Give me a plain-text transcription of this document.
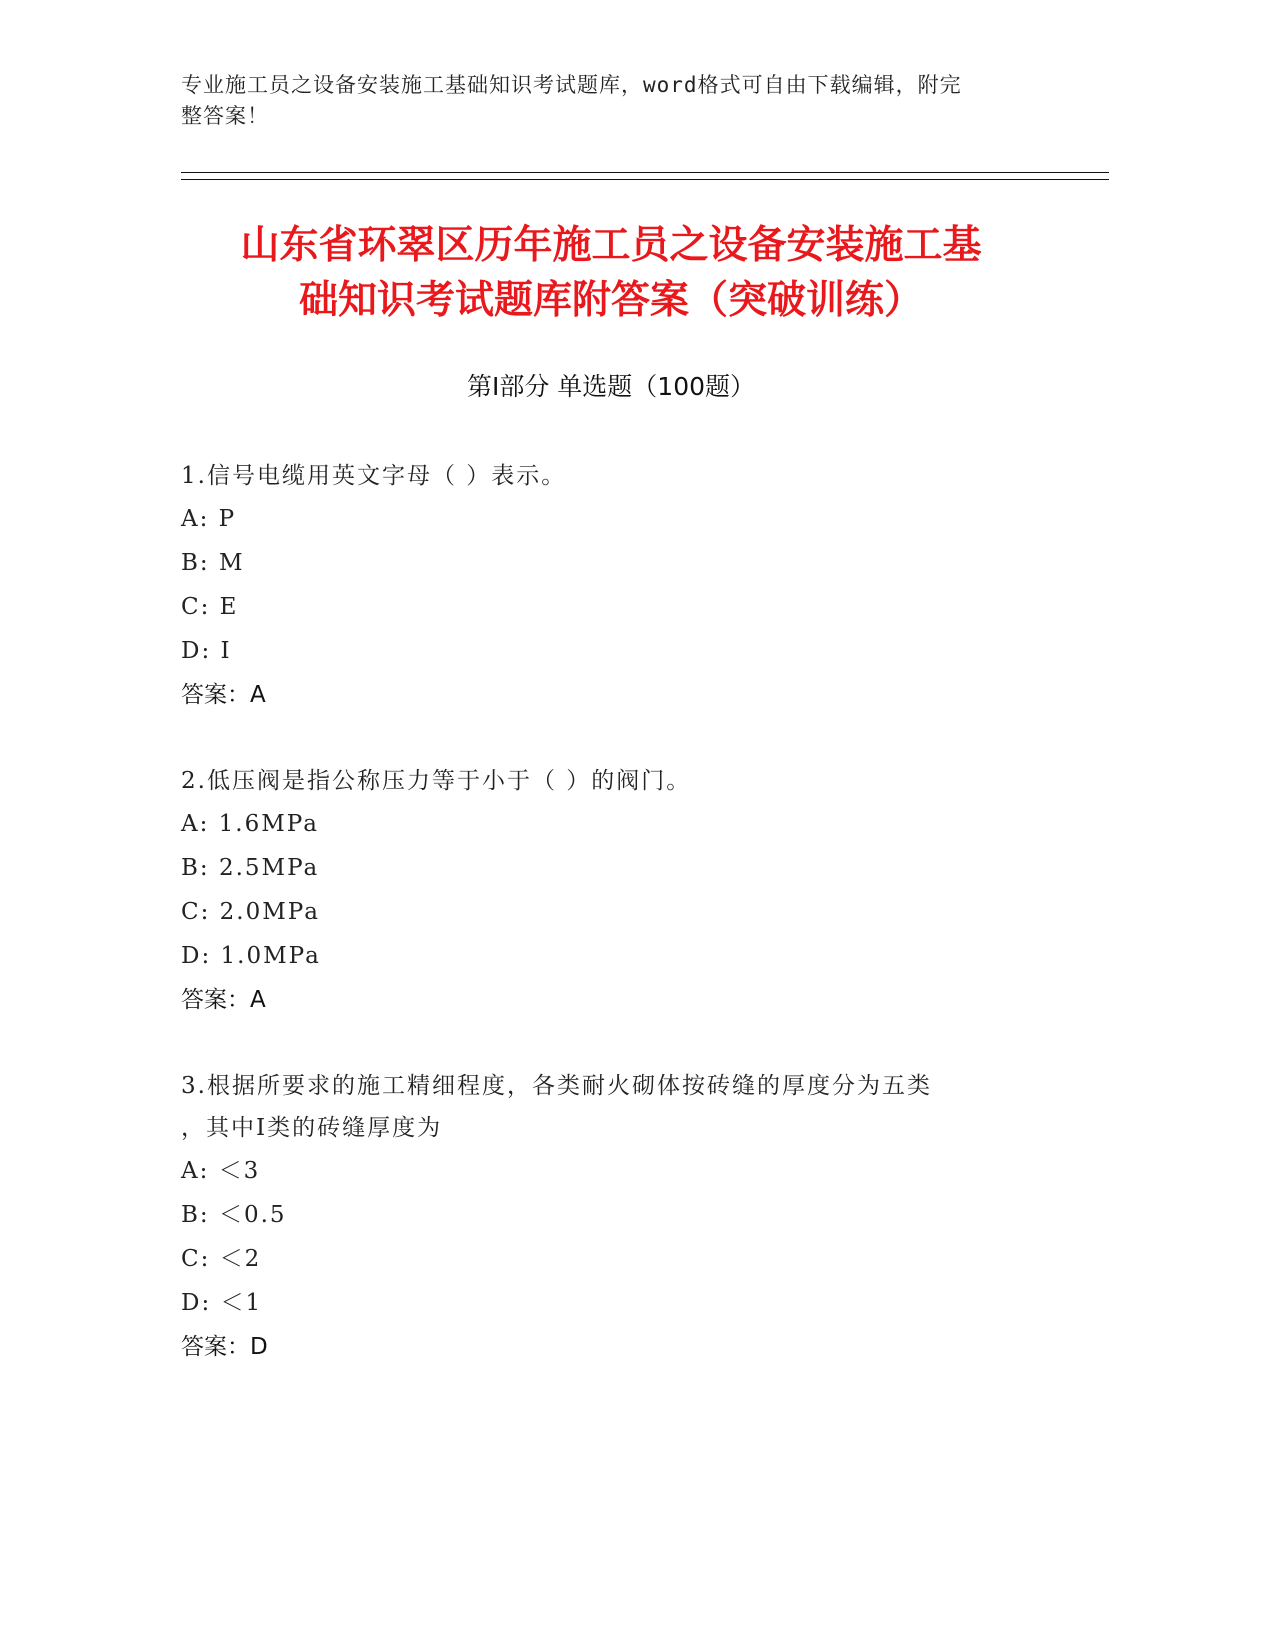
专业施工员之设备安装施工基础知识考试题库，word格式可自由下载编辑，附完
整答案！
山东省环翠区历年施工员之设备安装施工基
础知识考试题库附答案（突破训练）
第Ⅰ部分 单选题（100题）
1.信号电缆用英文字母（ ）表示。
A: P
B: M
C: E
D: I
答案：A
2.低压阀是指公称压力等于小于（ ）的阀门。
A: 1.6MPa
B: 2.5MPa
C: 2.0MPa
D: 1.0MPa
答案：A
3.根据所要求的施工精细程度，各类耐火砌体按砖缝的厚度分为五类
，其中Ⅰ类的砖缝厚度为
A: ＜3
B: ＜0.5
C: ＜2
D: ＜1
答案：D
